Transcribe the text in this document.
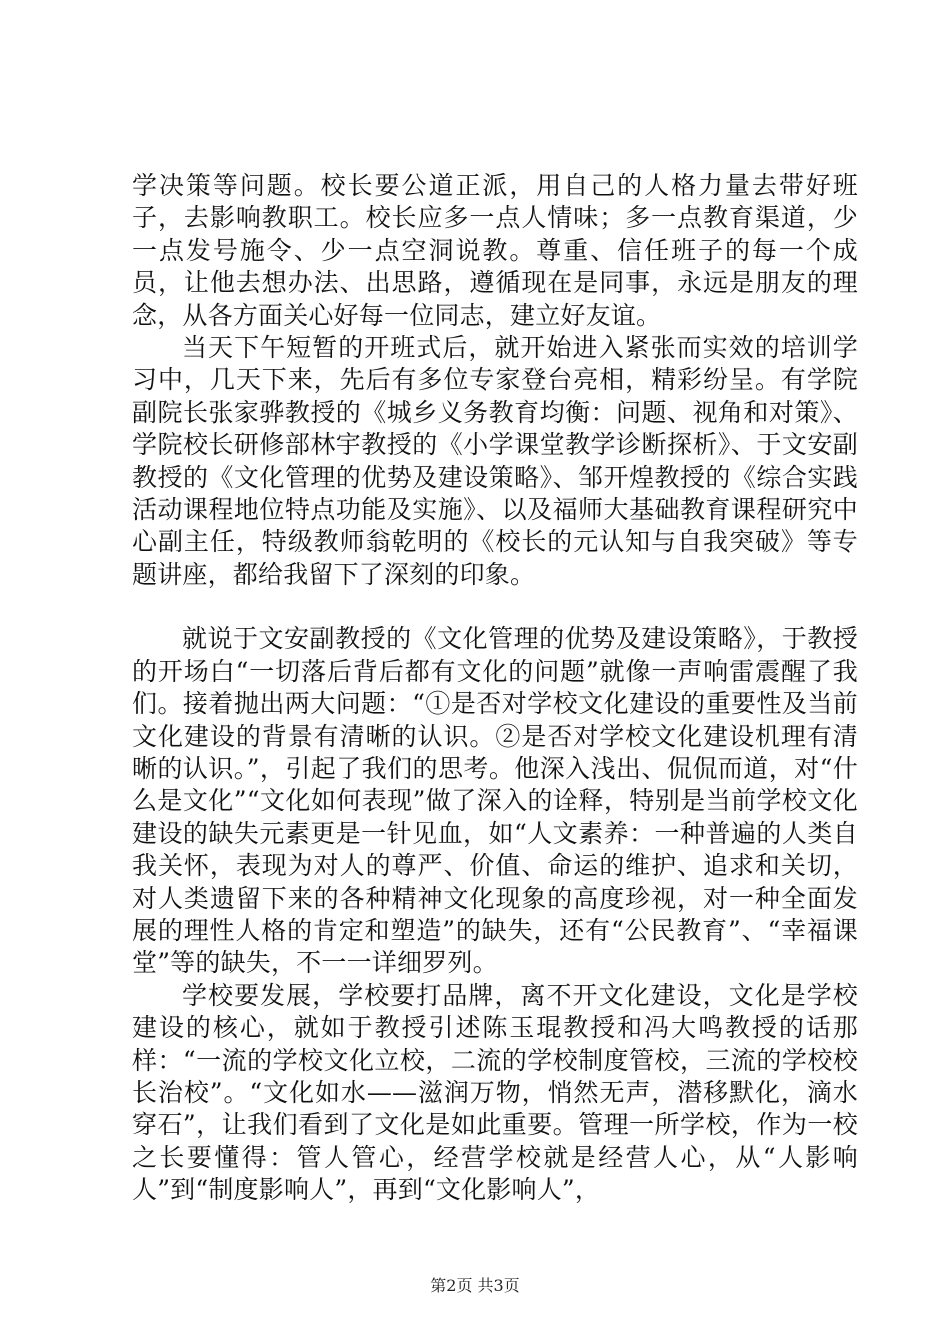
学决策等问题。校长要公道正派，用自己的人格力量去带好班子，去影响教职工。校长应多一点人情味；多一点教育渠道，少一点发号施令、少一点空洞说教。尊重、信任班子的每一个成员，让他去想办法、出思路，遵循现在是同事，永远是朋友的理念，从各方面关心好每一位同志，建立好友谊。

当天下午短暂的开班式后，就开始进入紧张而实效的培训学习中，几天下来，先后有多位专家登台亮相，精彩纷呈。有学院副院长张家骅教授的《城乡义务教育均衡：问题、视角和对策》、学院校长研修部林宇教授的《小学课堂教学诊断探析》、于文安副教授的《文化管理的优势及建设策略》、邹开煌教授的《综合实践活动课程地位特点功能及实施》、以及福师大基础教育课程研究中心副主任，特级教师翁乾明的《校长的元认知与自我突破》等专题讲座，都给我留下了深刻的印象。

就说于文安副教授的《文化管理的优势及建设策略》，于教授的开场白“一切落后背后都有文化的问题”就像一声响雷震醒了我们。接着抛出两大问题：“①是否对学校文化建设的重要性及当前文化建设的背景有清晰的认识。②是否对学校文化建设机理有清晰的认识。”，引起了我们的思考。他深入浅出、侃侃而道，对“什么是文化”“文化如何表现”做了深入的诠释，特别是当前学校文化建设的缺失元素更是一针见血，如“人文素养：一种普遍的人类自我关怀，表现为对人的尊严、价值、命运的维护、追求和关切，对人类遗留下来的各种精神文化现象的高度珍视，对一种全面发展的理性人格的肯定和塑造”的缺失，还有“公民教育”、“幸福课堂”等的缺失，不一一详细罗列。

学校要发展，学校要打品牌，离不开文化建设，文化是学校建设的核心，就如于教授引述陈玉琨教授和冯大鸣教授的话那样：“一流的学校文化立校，二流的学校制度管校，三流的学校校长治校”。“文化如水——滋润万物，悄然无声，潜移默化，滴水穿石”，让我们看到了文化是如此重要。管理一所学校，作为一校之长要懂得：管人管心，经营学校就是经营人心，从“人影响人”到“制度影响人”，再到“文化影响人”，

第2页 共3页
